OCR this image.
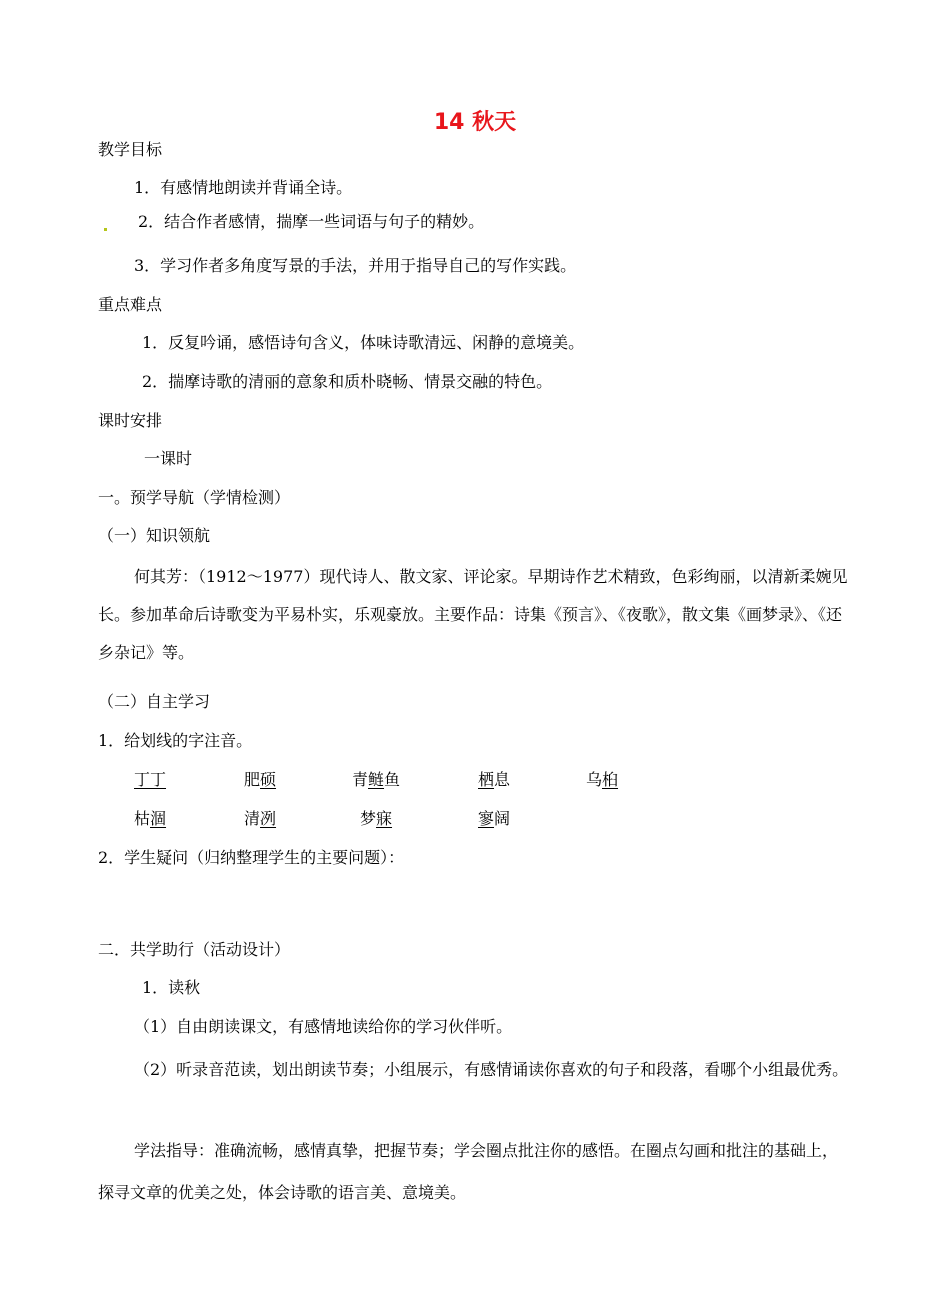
14 秋天
教学目标
1．有感情地朗读并背诵全诗。
2．结合作者感情，揣摩一些词语与句子的精妙。
3．学习作者多角度写景的手法，并用于指导自己的写作实践。
重点难点
1．反复吟诵，感悟诗句含义，体味诗歌清远、闲静的意境美。
2．揣摩诗歌的清丽的意象和质朴晓畅、情景交融的特色。
课时安排
一课时
一。预学导航（学情检测）
（一）知识领航
何其芳：（1912～1977）现代诗人、散文家、评论家。早期诗作艺术精致，色彩绚丽，以清新柔婉见长。参加革命后诗歌变为平易朴实，乐观豪放。主要作品：诗集《预言》、《夜歌》，散文集《画梦录》、《还乡杂记》等。
（二）自主学习
1．给划线的字注音。
丁丁	肥硕	青鲢鱼	栖息	乌桕
枯涸	清冽	梦寐	寥阔
2．学生疑问（归纳整理学生的主要问题）：
二．共学助行（活动设计）
1．读秋
（1）自由朗读课文，有感情地读给你的学习伙伴听。
（2）听录音范读，划出朗读节奏；小组展示，有感情诵读你喜欢的句子和段落，看哪个小组最优秀。
学法指导：准确流畅，感情真挚，把握节奏；学会圈点批注你的感悟。在圈点勾画和批注的基础上，探寻文章的优美之处，体会诗歌的语言美、意境美。
